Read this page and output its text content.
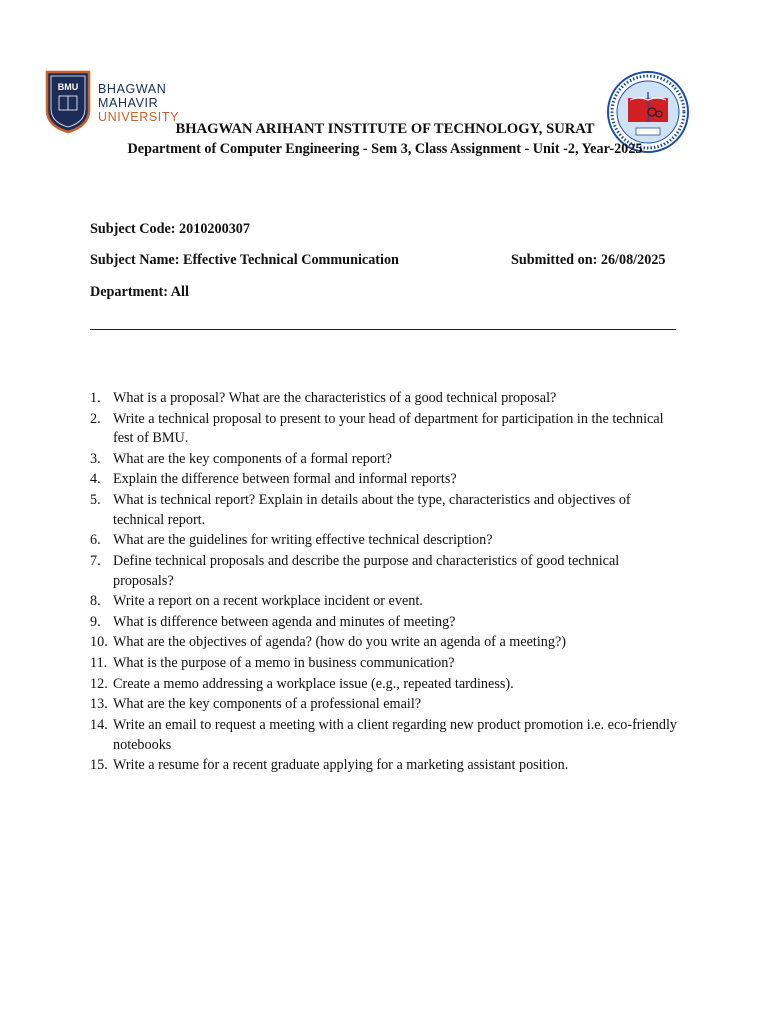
BMU BHAGWAN
MAHAVIR
UNIVERSITY
BHAGWAN ARIHANT INSTITUTE OF TECHNOLOGY, SURAT
Department of Computer Engineering - Sem 3, Class Assignment - Unit -2, Year-2025
Subject Code: 2010200307
Subject Name: Effective Technical Communication	Submitted on: 26/08/2025
Department: All
1. What is a proposal? What are the characteristics of a good technical proposal?
2. Write a technical proposal to present to your head of department for participation in the technical fest of BMU.
3. What are the key components of a formal report?
4. Explain the difference between formal and informal reports?
5. What is technical report? Explain in details about the type, characteristics and objectives of technical report.
6. What are the guidelines for writing effective technical description?
7. Define technical proposals and describe the purpose and characteristics of good technical proposals?
8. Write a report on a recent workplace incident or event.
9. What is difference between agenda and minutes of meeting?
10. What are the objectives of agenda? (how do you write an agenda of a meeting?)
11. What is the purpose of a memo in business communication?
12. Create a memo addressing a workplace issue (e.g., repeated tardiness).
13. What are the key components of a professional email?
14. Write an email to request a meeting with a client regarding new product promotion i.e. eco-friendly notebooks
15. Write a resume for a recent graduate applying for a marketing assistant position.
